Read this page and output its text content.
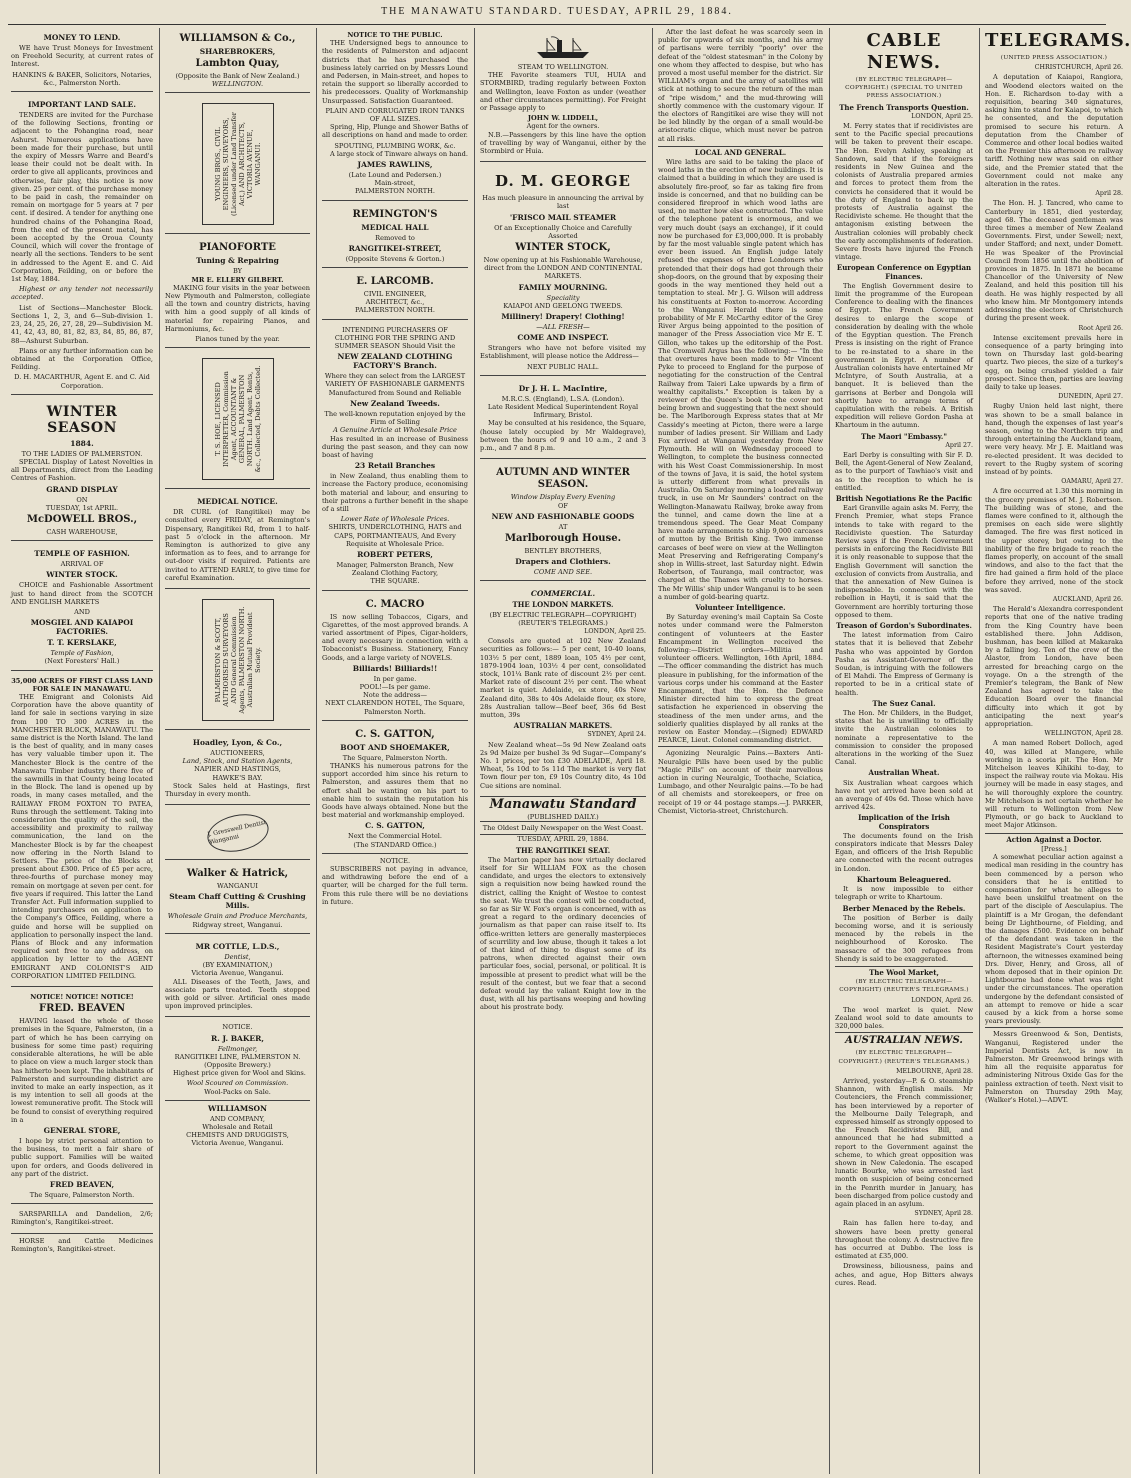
THE MANAWATU STANDARD. TUESDAY, APRIL 29, 1884.
MONEY TO LEND.
WE have Trust Moneys for Investment on Freehold Security, at current rates of Interest.
HANKINS & BAKER, Solicitors, Notaries, &c., Palmerston North.
IMPORTANT LAND SALE.
TENDERS are invited for the Purchase of the following Sections, fronting or adjacent to the Pohangina road, near Ashurst. Numerous applications have been made for their purchase, but until the expiry of Messrs Warre and Beard's lease their could not be dealt with. In order to give all applicants, provinces and otherwise, fair play, this notice is now given. 25 per cent. of the purchase money to be paid in cash, the remainder on remain on mortgage for 5 years at 7 per cent. if desired. A tender for anything one hundred chains of the Pohangina Road, from the end of the present metal, has been accepted by the Oroua County Council, which will cover the frontage of nearly all the sections. Tenders to be sent in addressed to the Agent E. and C. Aid Corporation, Feilding, on or before the 1st May, 1884.
Highest or any tender not necessarily accepted.
List of Sections—Manchester Block. Sections 1, 2, 3, and 6—Sub-division 1. 23, 24, 25, 26, 27, 28, 29—Subdivision M. 41, 42, 43, 80, 81, 82, 83, 84, 85, 86, 87, 88—Ashurst Suburban.
Plans or any further information can be obtained at the Corporation Office, Feilding.
D. H. MACARTHUR, Agent E. and C. Aid Corporation.
WINTER SEASON
1884.
TO THE LADIES OF PALMERSTON.
SPECIAL Display of Latest Novelties in all Departments, direct from the Leading Centres of Fashion.
GRAND DISPLAY
ON
TUESDAY, 1st APRIL.
McDOWELL BROS.,
CASH WAREHOUSE,
TEMPLE OF FASHION.
ARRIVAL OF
WINTER STOCK.
CHOICE and Fashionable Assortment just to hand direct from the SCOTCH AND ENGLISH MARKETS
AND
MOSGIEL AND KAIAPOI FACTORIES.
T. T. KERSLAKE,
Temple of Fashion,
(Next Foresters' Hall.)
35,000 ACRES OF FIRST CLASS LAND FOR SALE IN MANAWATU.
THE Emigrant and Colonists Aid Corporation have the above quantity of land for sale in sections varying in size from 100 TO 300 ACRES in the MANCHESTER BLOCK, MANAWATU. The same district is the North Island. The land is the best of quality, and in many cases has very valuable timber upon it. The Manchester Block is the centre of the Manawatu Timber industry, there five of the sawmills in that County being located in the Block. The land is opened up by roads, in many cases metalled, and the RAILWAY FROM FOXTON TO PATEA, Runs through the settlement. Taking into consideration the quality of the soil, the accessibility and proximity to railway communication, the land on the Manchester Block is by far the cheapest now offering in the North Island to Settlers. The price of the Blocks at present about £300. Price of £5 per acre, three-fourths of purchase money may remain on mortgage at seven per cent. for five years if required. This latter the Land Transfer Act. Full information supplied to intending purchasers on application to the Company's Office, Feilding, where a guide and horse will be supplied on application to personally inspect the land. Plans of Block and any information required sent free to any address, on application by letter to the AGENT EMIGRANT AND COLONIST'S AID CORPORATION LIMITED FEILDING.
NOTICE! NOTICE! NOTICE!
FRED. BEAVEN
HAVING leased the whole of those premises in the Square, Palmerston, (in a part of which he has been carrying on business for some time past) requiring considerable alterations, he will be able to place on view a much larger stock than has hitherto been kept. The inhabitants of Palmerston and surrounding district are invited to make an early inspection, as it is my intention to sell all goods at the lowest remunerative profit. The Stock will be found to consist of everything required in a
GENERAL STORE,
I hope by strict personal attention to the business, to merit a fair share of public support. Families will be waited upon for orders, and Goods delivered in any part of the district.
FRED BEAVEN,
The Square, Palmerston North.
SARSPARILLA and Dandelion, 2/6; Rimington's, Rangitikei-street.
HORSE and Cattle Medicines Remington's, Rangitikei-street.
WILLIAMSON & Co.,
SHAREBROKERS,
Lambton Quay,
(Opposite the Bank of New Zealand.)
WELLINGTON.
YOUNG BROS., CIVIL ENGINEERS, SURVEYORS, (Licensed under Land Transfer Act,) AND ARCHITECTS, VICTORIA AVENUE, WANGANUI.
PIANOFORTE
Tuning & Repairing
BY
MR E. ELLERY GILBERT.
MAKING four visits in the year between New Plymouth and Palmerston, collegiate all the town and country districts, having with him a good supply of all kinds of material for repairing Pianos, and Harmoniums, &c.
Pianos tuned by the year.
T. S. HOE, LICENSED INTERPRETER, Commission Agent, ACCOUNTANT & GENERAL, PALMERSTON NORTH. Land Agent. Rents, &c., Collected, Debts Collected.
MEDICAL NOTICE.
DR CURL (of Rangitikei) may be consulted every FRIDAY, at Remington's Dispensary, Rangitikei Rd, from 1 to half-past 5 o'clock in the afternoon. Mr Remington is authorized to give any information as to fees, and to arrange for out-door visits if required. Patients are invited to ATTEND EARLY, to give time for careful Examination.
PALMERSTON & SCOTT, AUTHORISED SURVEYORS AND General Commission Agents, PALMERSTON NORTH. Australian Mutual Provident Society.
Hoadley, Lyon, & Co.,
AUCTIONEERS,
Land, Stock, and Station Agents,
NAPIER AND HASTINGS,
HAWKE'S BAY.
Stock Sales held at Hastings, first Thursday in every month.
J. Gresswell Dentist Wanganui
Walker & Hatrick,
WANGANUI
Steam Chaff Cutting & Crushing Mills.
Wholesale Grain and Produce Merchants,
Ridgway street, Wanganui.
MR COTTLE, L.D.S.,
Dentist,
(BY EXAMINATION,)
Victoria Avenue, Wanganui.
ALL Diseases of the Teeth, Jaws, and associate parts treated. Teeth stopped with gold or silver. Artificial ones made upon improved principles.
NOTICE.
R. J. BAKER,
Fellmonger,
RANGITIKEI LINE, PALMERSTON N.
(Opposite Brewery.)
Highest price given for Wool and Skins.
Wool Scoured on Commission.
Wool-Packs on Sale.
WILLIAMSON
AND COMPANY,
Wholesale and Retail
CHEMISTS AND DRUGGISTS,
Victoria Avenue, Wanganui.
NOTICE TO THE PUBLIC.
THE Undersigned begs to announce to the residents of Palmerston and adjacent districts that he has purchased the business lately carried on by Messrs Lound and Pedersen, in Main-street, and hopes to retain the support so liberally accorded to his predecessors. Quality of Workmanship Unsurpassed. Satisfaction Guaranteed.
PLAIN AND CORRUGATED IRON TANKS OF ALL SIZES.
Spring, Hip, Plunge and Shower Baths of all descriptions on hand and made to order.
SPOUTING, PLUMBING WORK, &c.
A large stock of Tinware always on hand.
JAMES RAWLINS,
(Late Lound and Pedersen.)
Main-street,
PALMERSTON NORTH.
REMINGTON'S
MEDICAL HALL
Removed to
RANGITIKEI-STREET,
(Opposite Stevens & Gorton.)
E. LARCOMB.
CIVIL ENGINEER,
ARCHITECT, &c.,
PALMERSTON NORTH.
INTENDING PURCHASERS OF CLOTHING FOR THE SPRING AND SUMMER SEASON Should Visit the
NEW ZEALAND CLOTHING FACTORY'S Branch.
Where they can select from the LARGEST VARIETY OF FASHIONABLE GARMENTS Manufactured from Sound and Reliable
New Zealand Tweeds.
The well-known reputation enjoyed by the Firm of Selling
A Genuine Article at Wholesale Price
Has resulted in an increase of Business during the past season, and they can now boast of having
23 Retail Branches
in New Zealand, thus enabling them to increase the Factory produce, economising both material and labour, and ensuring to their patrons a further benefit in the shape of a still
Lower Rate of Wholesale Prices.
SHIRTS, UNDERCLOTHING, HATS and CAPS, PORTMANTEAUS, And Every Requisite at Wholesale Price.
ROBERT PETERS,
Manager, Palmerston Branch, New Zealand Clothing Factory,
THE SQUARE.
C. MACRO
IS now selling Tobaccos, Cigars, and Cigarettes, of the most approved brands. A varied assortment of Pipes, Cigar-holders, and every necessary in connection with a Tobacconist's Business. Stationery, Fancy Goods, and a large variety of NOVELS.
Billiards! Billiards!!
In per game.
POOL!—Is per game.
Note the address—
NEXT CLARENDON HOTEL, The Square, Palmerston North.
C. S. GATTON,
BOOT AND SHOEMAKER,
The Square, Palmerston North.
THANKS his numerous patrons for the support accorded him since his return to Palmerston, and assures them that no effort shall be wanting on his part to enable him to sustain the reputation his Goods have always obtained. None but the best material and workmanship employed.
C. S. GATTON,
Next the Commercial Hotel.
(The STANDARD Office.)
NOTICE.
SUBSCRIBERS not paying in advance, and withdrawing before the end of a quarter, will be charged for the full term. From this rule there will be no deviations in future.
STEAM TO WELLINGTON.
THE Favorite steamers TUI, HUIA and STORMBIRD, trading regularly between Foxton and Wellington, leave Foxton as under (weather and other circumstances permitting). For Freight or Passage apply to
JOHN W. LIDDELL,
Agent for the owners.
N.B.—Passengers by this line have the option of travelling by way of Wanganui, either by the Stormbird or Huia.
D. M. GEORGE
Has much pleasure in announcing the arrival by last
'FRISCO MAIL STEAMER
Of an Exceptionally Choice and Carefully Assorted
WINTER STOCK,
Now opening up at his Fashionable Warehouse, direct from the LONDON AND CONTINENTAL MARKETS.
FAMILY MOURNING.
Speciality
KAIAPOI AND GEELONG TWEEDS.
Millinery! Drapery! Clothing!
—ALL FRESH—
COME AND INSPECT.
Strangers who have not before visited my Establishment, will please notice the Address—
NEXT PUBLIC HALL.
Dr J. H. L. MacIntire,
M.R.C.S. (England), L.S.A. (London).
Late Resident Medical Superintendent Royal Infirmary, Bristol.
May be consulted at his residence, the Square, (house lately occupied by Mr Waldegrave), between the hours of 9 and 10 a.m., 2 and 3 p.m., and 7 and 8 p.m.
AUTUMN AND WINTER SEASON.
Window Display Every Evening
OF
NEW AND FASHIONABLE GOODS
AT
Marlborough House.
BENTLEY BROTHERS,
Drapers and Clothiers.
COME AND SEE.
COMMERCIAL.
THE LONDON MARKETS.
(BY ELECTRIC TELEGRAPH—COPYRIGHT) (REUTER'S TELEGRAMS.)
LONDON, April 25.
Consols are quoted at 102 New Zealand securities as follows:— 5 per cent, 10-40 loans, 103½ 5 per cent, 1889 loan, 105 4½ per cent, 1879-1904 loan, 103½ 4 per cent, consolidated stock, 101¼ Bank rate of discount 2½ per cent. Market rate of discount 2½ per cent. The wheat market is quiet. Adelaide, ex store, 40s New Zealand dito, 38s to 40s Adelaide flour, ex store, 28s Australian tallow—Beef beef, 36s 6d Best mutton, 39s
AUSTRALIAN MARKETS.
SYDNEY, April 24.
New Zealand wheat—5s 9d New Zealand oats 2s 9d Maize per bushel 3s 9d Sugar—Company's No. 1 prices, per ton £30 ADELAIDE, April 18. Wheat, 5s 10d to 5s 11d The market is very flat Town flour per ton, £9 10s Country dito, 4s 10d Cue sitions are nominal.
Manawatu Standard
(PUBLISHED DAILY.)
The Oldest Daily Newspaper on the West Coast.
TUESDAY, APRIL 29, 1884.
THE RANGITIKEI SEAT.
The Marton paper has now virtually declared itself for Sir WILLIAM FOX as the chosen candidate, and urges the electors to extensively sign a requisition now being hawked round the district, calling the Knight of Westoe to contest the seat. We trust the contest will be conducted, so far as Sir W. Fox's organ is concerned, with as great a regard to the ordinary decencies of journalism as that paper can raise itself to. Its office-written letters are generally masterpieces of scurrility and low abuse, though it takes a lot of that kind of thing to disgust some of its patrons, when directed against their own particular foes, social, personal, or political. It is impossible at present to predict what will be the result of the contest, but we fear that a second defeat would lay the valiant Knight low in the dust, with all his partisans weeping and howling about his prostrate body.
After the last defeat he was scarcely seen in public for upwards of six months, and his army of partisans were terribly "poorly" over the defeat of the "oldest statesman" in the Colony by one whom they affected to despise, but who has proved a most useful member for the district. Sir WILLIAM's organ and the army of satellites will stick at nothing to secure the return of the man of "ripe wisdom," and the mud-throwing will shortly commence with the customary vigour. If the electors of Rangitikei are wise they will not be led blindly by the organ of a small would-be aristocratic clique, which must never be patron at all risks.
LOCAL AND GENERAL.
Wire laths are said to be taking the place of wood laths in the erection of new buildings. It is claimed that a building in which they are used is absolutely fire-proof, so far as taking fire from inside is concerned, and that no building can be considered fireproof in which wood laths are used, no matter how else constructed. The value of the telephone patent is enormous, and we very much doubt (says an exchange), if it could now be purchased for £3,000,000. It is probably by far the most valuable single patent which has ever been issued. An English judge lately refused the expenses of three Londoners who pretended that their dogs had got through their shop-doors, on the ground that by exposing their goods in the way mentioned they held out a temptation to steal. Mr J. G. Wilson will address his constituents at Foxton to-morrow. According to the Wanganui Herald there is some probability of Mr F. McCarthy editor of the Grey River Argus being appointed to the position of manager of the Press Association vice Mr E. T. Gillon, who takes up the editorship of the Post. The Cromwell Argus has the following:— "In the that overtures have been made to Mr Vincent Pyke to proceed to England for the purpose of negotiating for the construction of the Central Railway from Taieri Lake upwards by a firm of wealthy capitalists." Exception is taken by a reviewer of the Queen's book to the cover not being brown and suggesting that the next should be. The Marlborough Express states that at Mr Cassidy's meeting at Picton, there were a large number of ladies present. Sir William and Lady Fox arrived at Wanganui yesterday from New Plymouth. He will on Wednesday proceed to Wellington, to complete the business connected with his West Coast Commissionership. In most of the towns of Java, it is said, the hotel system is utterly different from what prevails in Australia. On Saturday morning a loaded railway truck, in use on Mr Saunders' contract on the Wellington-Manawatu Railway, broke away from the tunnel, and came down the line at a tremendous speed. The Gear Meat Company have made arrangements to ship 9,000 carcases of mutton by the British King. Two immense carcases of beef were on view at the Wellington Meat Preserving and Refrigerating Company's shop in Willis-street, last Saturday night. Edwin Robertson, of Tauranga, mail contractor, was charged at the Thames with cruelty to horses. The Mr Willis' ship under Wanganui is to be seen a number of gold-bearing quartz.
Volunteer Intelligence.
By Saturday evening's mail Captain Sa Coste notes under command were the Palmerston contingent of volunteers at the Easter Encampment in Wellington received the following:—District orders—Militia and volunteer officers. Wellington, 16th April, 1884.—The officer commanding the district has much pleasure in publishing, for the information of the various corps under his command at the Easter Encampment, that the Hon. the Defence Minister directed him to express the great satisfaction he experienced in observing the steadiness of the men under arms, and the soldierly qualities displayed by all ranks at the review on Easter Monday.—(Signed) EDWARD PEARCE, Lieut. Colonel commanding district.
Agonizing Neuralgic Pains.—Baxters Anti-Neuralgic Pills have been used by the public "Magic Pills" on account of their marvellous action in curing Neuralgic, Toothache, Sciatica, Lumbago, and other Neuralgic pains.—To be had of all chemists and storekeepers, or free on receipt of 19 or 44 postage stamps.—J. PARKER, Chemist, Victoria-street, Christchurch.
CABLE NEWS.
(BY ELECTRIC TELEGRAPH—COPYRIGHT.) (SPECIAL TO UNITED PRESS ASSOCIATION.)
The French Transports Question.
LONDON, April 25.
M. Ferry states that if recidivistes are sent to the Pacific special precautions will be taken to prevent their escape. The Hon. Evelyn Ashley, speaking at Sandown, said that if the foreigners residents in New Guinea and the colonists of Australia prepared armies and forces to protect them from the convicts he considered that it would be the duty of England to back up the protests of Australia against the Recidiviste scheme. He thought that the antagonism existing between the Australian colonies will probably check the early accomplishments of federation. Severe frosts have injured the French vintage.
European Conference on Egyptian Finances.
The English Government desire to limit the programme of the European Conference to dealing with the finances of Egypt. The French Government desires to enlarge the scope of consideration by dealing with the whole of the Egyptian question. The French Press is insisting on the right of France to be re-instated to a share in the government in Egypt. A number of Australian colonists have entertained Mr McIntyre, of South Australia, at a banquet. It is believed than the garrisons at Berber and Dongola will shortly have to arrange terms of capitulation with the rebels. A British expedition will relieve Gordon Pasha at Khartoum in the autumn.
The Maori "Embassy."
April 27.
Earl Derby is consulting with Sir F. D. Bell, the Agent-General of New Zealand, as to the purport of Tawhiao's visit and as to the reception to which he is entitled.
British Negotiations Re the Pacific
Earl Granville again asks M. Ferry, the French Premier, what steps France intends to take with regard to the Recidiviste question. The Saturday Review says if the French Government persists in enforcing the Recidiviste Bill it is only reasonable to suppose that the English Government will sanction the exclusion of convicts from Australia, and that the annexation of New Guinea is indispensable. In connection with the rebellion in Hayti, it is said that the Government are horribly torturing those opposed to them.
Treason of Gordon's Subordinates.
The latest information from Cairo states that it is believed that Zebehr Pasha who was appointed by Gordon Pasha as Assistant-Governor of the Soudan, is intriguing with the followers of El Mahdi. The Empress of Germany is reported to be in a critical state of health.
The Suez Canal.
The Hon. Mr Childers, in the Budget, states that he is unwilling to officially invite the Australian colonies to nominate a representative to the commission to consider the proposed alterations in the working of the Suez Canal.
Australian Wheat.
Six Australian wheat cargoes which have not yet arrived have been sold at an average of 40s 6d. Those which have arrived 42s.
Implication of the Irish Conspirators
The documents found on the Irish conspirators indicate that Messrs Daley Egan, and officers of the Irish Republic are connected with the recent outrages in London.
Khartoum Beleaguered.
It is now impossible to either telegraph or write to Khartoum.
Berber Menaced by the Rebels.
The position of Berber is daily becoming worse, and it is seriously menaced by the rebels in the neighbourhood of Korosko. The massacre of the 300 refugees from Shendy is said to be exaggerated.
The Wool Market,
(BY ELECTRIC TELEGRAPH—COPYRIGHT) (REUTER'S TELEGRAMS.)
LONDON, April 26.
The wool market is quiet. New Zealand wool sold to date amounts to 320,000 bales.
AUSTRALIAN NEWS.
(BY ELECTRIC TELEGRAPH—COPYRIGHT.) (REUTER'S TELEGRAMS.)
MELBOURNE, April 28.
Arrived, yesterday—P. & O. steamship Shannon, with English mails. Mr Coutenciers, the French commissioner, has been interviewed by a reporter of the Melbourne Daily Telegraph, and expressed himself as strongly opposed to the French Recidivistes Bill, and announced that he had submitted a report to the Government against the scheme, to which great opposition was shown in New Caledonia. The escaped lunatic Bourke, who was arrested last month on suspicion of being concerned in the Penrith murder in January, has been discharged from police custody and again placed in an asylum.
SYDNEY, April 28.
Rain has fallen here to-day, and showers have been pretty general throughout the colony. A destructive fire has occurred at Dubbo. The loss is estimated at £35,000.
Drowsiness, biliousness, pains and aches, and ague, Hop Bitters always cures. Read.
TELEGRAMS.
(UNITED PRESS ASSOCIATION.)
CHRISTCHURCH, April 26.
A deputation of Kaiapoi, Rangiora, and Woodend electors waited on the Hon. E. Richardson to-day with a requisition, bearing 340 signatures, asking him to stand for Kaiapoi, to which he consented, and the deputation promised to secure his return. A deputation from the Chamber of Commerce and other local bodies waited on the Premier this afternoon re railway tariff. Nothing new was said on either side, and the Premier stated that the Government could not make any alteration in the rates.
April 28.
The Hon. H. J. Tancred, who came to Canterbury in 1851, died yesterday, aged 68. The deceased gentleman was three times a member of New Zealand Governments. First, under Sewell; next, under Stafford; and next, under Domett. He was Speaker of the Provincial Council from 1856 until the abolition of provinces in 1875. In 1871 he became Chancellor of the University of New Zealand, and held this position till his death. He was highly respected by all who knew him. Mr Montgomery intends addressing the electors of Christchurch during the present week.
Root April 26.
Intense excitement prevails here in consequence of a party bringing into town on Thursday last gold-bearing quartz. Two pieces, the size of a turkey's egg, on being crushed yielded a fair prospect. Since then, parties are leaving daily to take up leases.
DUNEDIN, April 27.
Rugby Union held last night, there was shown to be a small balance in hand, though the expenses of last year's season, owing to the Northern trip and through entertaining the Auckland team, were very heavy. Mr J. E. Maitland was re-elected president. It was decided to revert to the Rugby system of scoring instead of by points.
OAMARU, April 27.
A fire occurred at 1.30 this morning in the grocery premises of M. J. Robertson. The building was of stone, and the flames were confined to it, although the premises on each side were slightly damaged. The fire was first noticed in the upper storey, but owing to the inability of the fire brigade to reach the flames properly, on account of the small windows, and also to the fact that the fire had gained a firm hold of the place before they arrived, none of the stock was saved.
AUCKLAND, April 26.
The Herald's Alexandra correspondent reports that one of the native trading from the King Country have been established there. John Addison, bushman, has been killed at Makaraka by a falling log. Ten of the crew of the Alastor, from London, have been arrested for breaching cargo on the voyage. On a the strength of the Premier's telegram, the Bank of New Zealand has agreed to take the Education Board over the financial difficulty into which it got by anticipating the next year's appropriation.
WELLINGTON, April 28.
A man named Robert Dolloch, aged 40, was killed at Mangere, while working in a scoria pit. The Hon. Mr Mitchelson leaves Kihikihi to-day, to inspect the railway route via Mokau. His journey will be made in easy stages, and he will thoroughly explore the country. Mr Mitchelson is not certain whether he will return to Wellington from New Plymouth, or go back to Auckland to meet Major Atkinson.
Action Against a Doctor.
[Press.]
A somewhat peculiar action against a medical man residing in the country has been commenced by a person who considers that he is entitled to compensation for what he alleges to have been unskilful treatment on the part of the disciple of Aesculapius. The plaintiff is a Mr Grogan, the defendant being Dr Lightbourne, of Fielding, and the damages £500. Evidence on behalf of the defendant was taken in the Resident Magistrate's Court yesterday afternoon, the witnesses examined being Drs. Diver, Henry, and Gross, all of whom deposed that in their opinion Dr. Lightbourne had done what was right under the circumstances. The operation undergone by the defendant consisted of an attempt to remove or hide a scar caused by a kick from a horse some years previously.
Messrs Greenwood & Son, Dentists, Wanganui, Registered under the Imperial Dentists Act, is now in Palmerston. Mr Greenwood brings with him all the requisite apparatus for administering Nitrous Oxide Gas for the painless extraction of teeth. Next visit to Palmerston on Thursday 29th May, (Walker's Hotel.)—ADVT.
